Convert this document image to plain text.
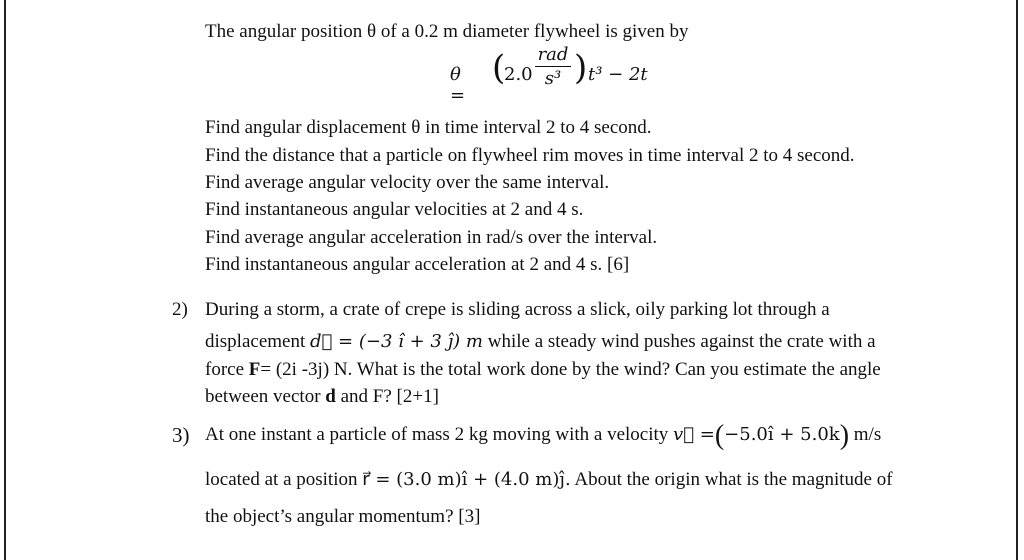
The angular position θ of a 0.2 m diameter flywheel is given by
θ =
(
2.0
rad
s³ ) t³ − 2t
Find angular displacement θ in time interval 2 to 4 second.
Find the distance that a particle on flywheel rim moves in time interval 2 to 4 second.
Find average angular velocity over the same interval.
Find instantaneous angular velocities at 2 and 4 s.
Find average angular acceleration in rad/s over the interval.
Find instantaneous angular acceleration at 2 and 4 s. [6]
2) During a storm, a crate of crepe is sliding across a slick, oily parking lot through a
displacement d⃗ = (−3 î + 3 ĵ) m while a steady wind pushes against the crate with a
force F= (2i -3j) N. What is the total work done by the wind? Can you estimate the angle
between vector d and F? [2+1]
3) At one instant a particle of mass 2 kg moving with a velocity v⃗ =(−5.0î + 5.0k) m/s
located at a position r⃗ = (3.0 m)î + (4.0 m)ĵ. About the origin what is the magnitude of
the object’s angular momentum? [3]
